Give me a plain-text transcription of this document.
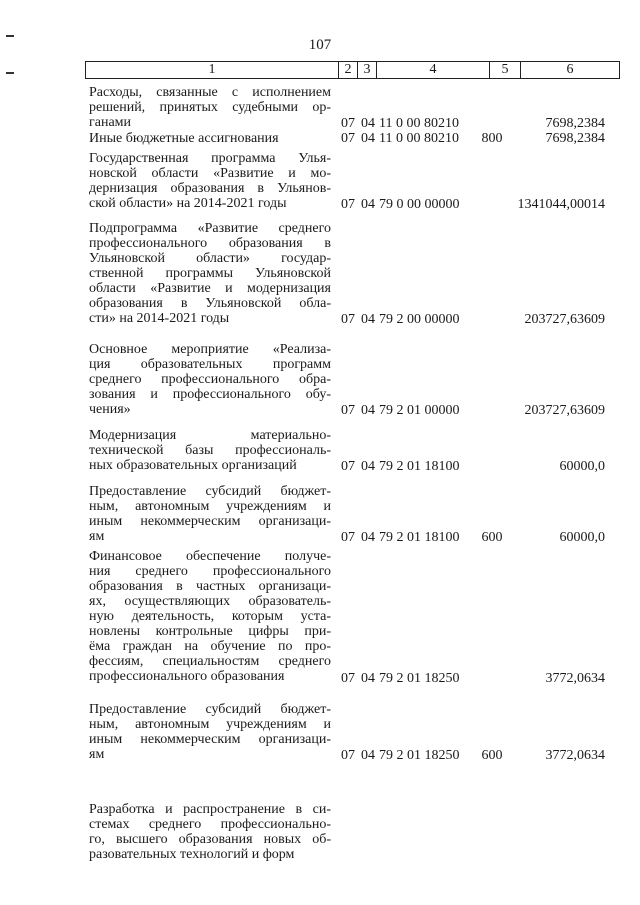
107
1	2	3	4	5	6
Расходы, связанные с исполнением
решений, принятых судебными ор-
ганами	07 04 11 0 00 80210	7698,2384
Иные бюджетные ассигнования	07 04 11 0 00 80210	800	7698,2384
Государственная программа Улья-
новской области «Развитие и мо-
дернизация образования в Ульянов-
ской области» на 2014-2021 годы	07 04 79 0 00 00000	1341044,00014
Подпрограмма «Развитие среднего
профессионального образования в
Ульяновской области» государ-
ственной программы Ульяновской
области «Развитие и модернизация
образования в Ульяновской обла-
сти» на 2014-2021 годы	07 04 79 2 00 00000	203727,63609
Основное мероприятие «Реализа-
ция образовательных программ
среднего профессионального обра-
зования и профессионального обу-
чения»	07 04 79 2 01 00000	203727,63609
Модернизация материально-
технической базы профессиональ-
ных образовательных организаций	07 04 79 2 01 18100	60000,0
Предоставление субсидий бюджет-
ным, автономным учреждениям и
иным некоммерческим организаци-
ям	07 04 79 2 01 18100	600	60000,0
Финансовое обеспечение получе-
ния среднего профессионального
образования в частных организаци-
ях, осуществляющих образователь-
ную деятельность, которым уста-
новлены контрольные цифры при-
ёма граждан на обучение по про-
фессиям, специальностям среднего
профессионального образования	07 04 79 2 01 18250	3772,0634
Предоставление субсидий бюджет-
ным, автономным учреждениям и
иным некоммерческим организаци-
ям	07 04 79 2 01 18250	600	3772,0634
Разработка и распространение в си-
стемах среднего профессионально-
го, высшего образования новых об-
разовательных технологий и форм
